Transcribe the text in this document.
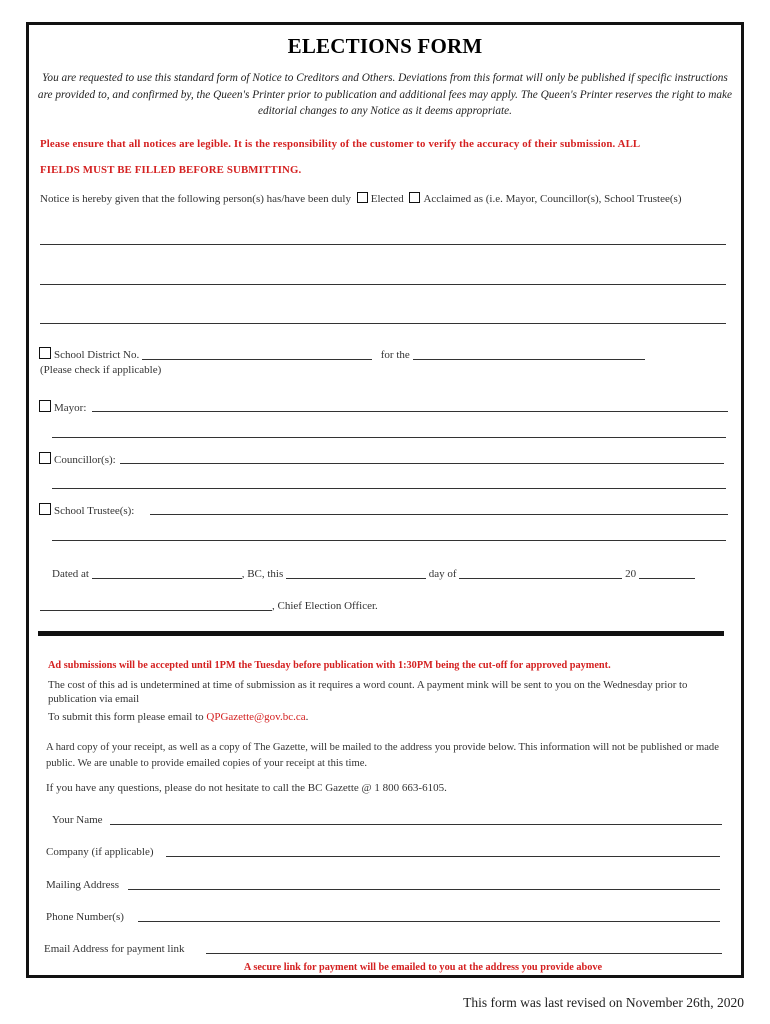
ELECTIONS FORM
You are requested to use this standard form of Notice to Creditors and Others. Deviations from this format will only be published if specific instructions are provided to, and confirmed by, the Queen's Printer prior to publication and additional fees may apply. The Queen's Printer reserves the right to make editorial changes to any Notice as it deems appropriate.
Please ensure that all notices are legible. It is the responsibility of the customer to verify the accuracy of their submission. ALL
FIELDS MUST BE FILLED BEFORE SUBMITTING.
Notice is hereby given that the following person(s) has/have been duly Elected Acclaimed as (i.e. Mayor, Councillor(s), School Trustee(s)
School District No.	for the
(Please check if applicable)
Mayor:
Councillor(s):
School Trustee(s):
Dated at	, BC, this	day of	20
, Chief Election Officer.
Ad submissions will be accepted until 1PM the Tuesday before publication with 1:30PM being the cut-off for approved payment.
The cost of this ad is undetermined at time of submission as it requires a word count. A payment mink will be sent to you on the Wednesday prior to publication via email
To submit this form please email to QPGazette@gov.bc.ca.
A hard copy of your receipt, as well as a copy of The Gazette, will be mailed to the address you provide below. This information will not be published or made public. We are unable to provide emailed copies of your receipt at this time.
If you have any questions, please do not hesitate to call the BC Gazette @ 1 800 663-6105.
Your Name
Company (if applicable)
Mailing Address
Phone Number(s)
Email Address for payment link
A secure link for payment will be emailed to you at the address you provide above
This form was last revised on November 26th, 2020
